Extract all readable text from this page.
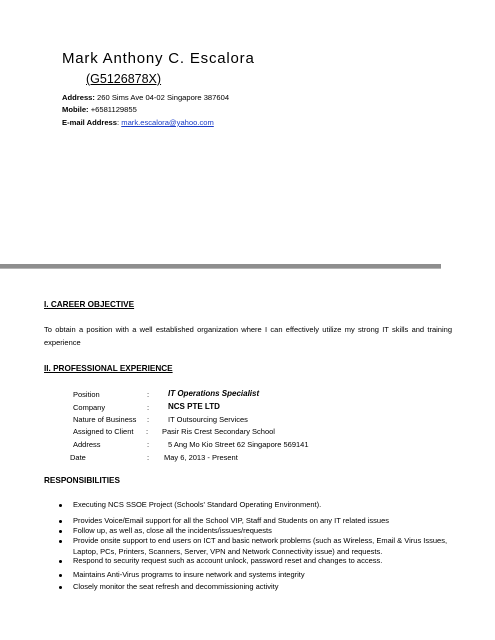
Mark Anthony C. Escalora
(G5126878X)
Address: 260 Sims Ave 04-02 Singapore 387604
Mobile: +6581129855
E-mail Address: mark.escalora@yahoo.com
I. CAREER OBJECTIVE
To obtain a position with a well established organization where I can effectively utilize my strong IT skills and training experience
II. PROFESSIONAL EXPERIENCE
Position	: IT Operations Specialist
Company	: NCS PTE LTD
Nature of Business :	IT Outsourcing Services
Assigned to Client : Pasir Ris Crest Secondary School
Address	:	5 Ang Mo Kio Street 62 Singapore 569141
Date	: May 6, 2013 - Present
RESPONSIBILITIES
Executing NCS SSOE Project (Schools' Standard Operating Environment).
Provides Voice/Email support for all the School VIP, Staff and Students on any IT related issues
Follow up, as well as, close all the incidents/issues/requests
Provide onsite support to end users on ICT and basic network problems (such as Wireless, Email & Virus Issues, Laptop, PCs, Printers, Scanners, Server, VPN and Network Connectivity issue) and requests.
Respond to security request such as account unlock, password reset and changes to access.
Maintains Anti-Virus programs to insure network and systems integrity
Closely monitor the seat refresh and decommissioning activity
